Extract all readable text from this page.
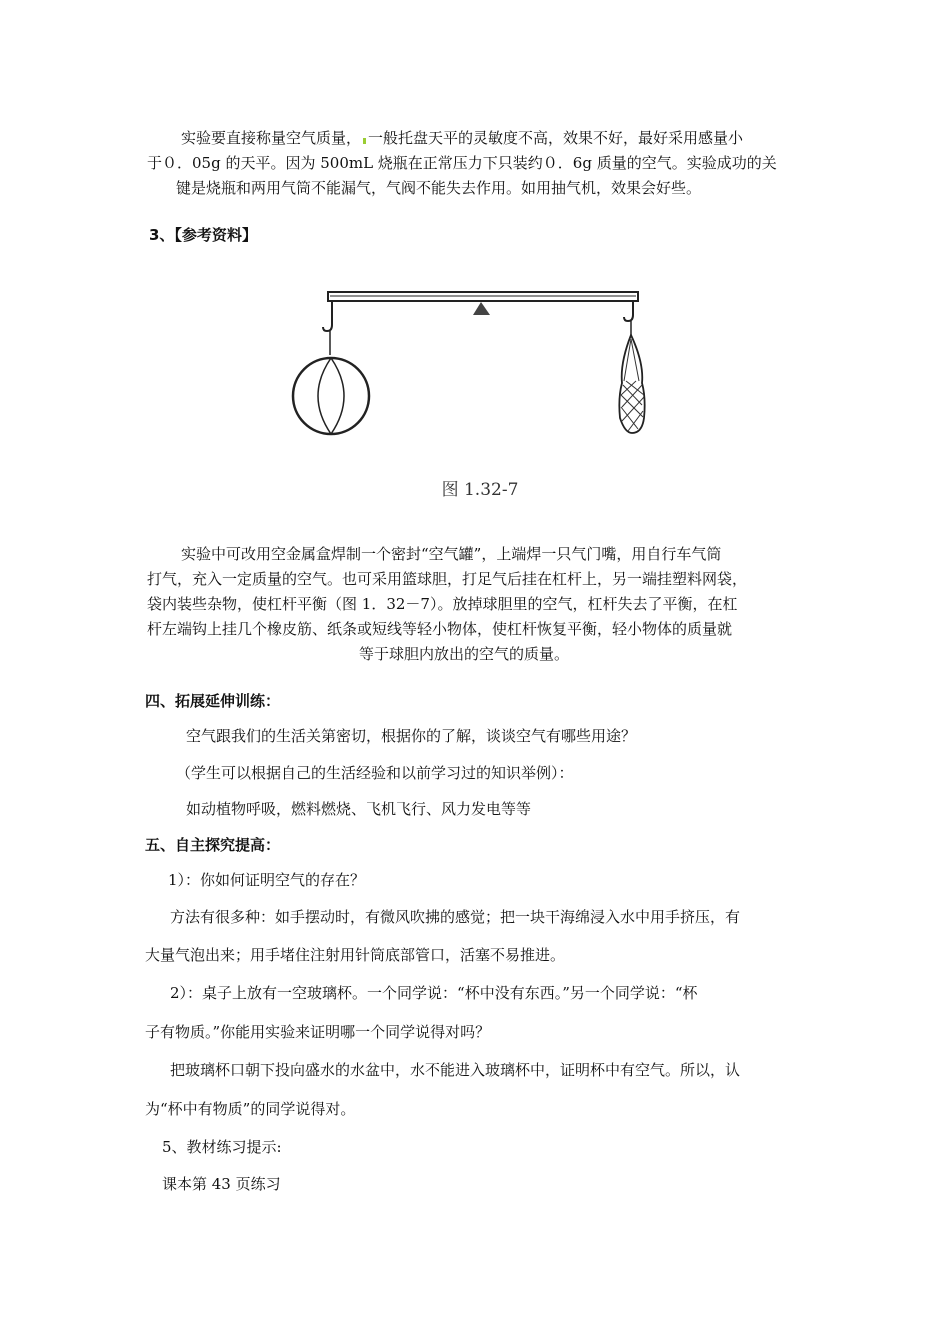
实验要直接称量空气质量， 一般托盘天平的灵敏度不高，效果不好，最好采用感量小
于０．05g 的天平。因为 500mL 烧瓶在正常压力下只装约０．6g 质量的空气。实验成功的关
键是烧瓶和两用气筒不能漏气，气阀不能失去作用。如用抽气机，效果会好些。
3、【参考资料】
图 1.32-7
实验中可改用空金属盒焊制一个密封“空气罐”，上端焊一只气门嘴，用自行车气筒
打气，充入一定质量的空气。也可采用篮球胆，打足气后挂在杠杆上，另一端挂塑料网袋，
袋内装些杂物，使杠杆平衡（图 1．32－7）。放掉球胆里的空气，杠杆失去了平衡，在杠
杆左端钩上挂几个橡皮筋、纸条或短线等轻小物体，使杠杆恢复平衡，轻小物体的质量就
等于球胆内放出的空气的质量。
四、拓展延伸训练：
空气跟我们的生活关第密切，根据你的了解，谈谈空气有哪些用途？
（学生可以根据自己的生活经验和以前学习过的知识举例）：
如动植物呼吸，燃料燃烧、飞机飞行、风力发电等等
五、自主探究提高：
1）：你如何证明空气的存在？
方法有很多种：如手摆动时，有微风吹拂的感觉；把一块干海绵浸入水中用手挤压，有
大量气泡出来；用手堵住注射用针筒底部管口，活塞不易推进。
2）：桌子上放有一空玻璃杯。一个同学说：“杯中没有东西。”另一个同学说：“杯
子有物质。”你能用实验来证明哪一个同学说得对吗？
把玻璃杯口朝下投向盛水的水盆中，水不能进入玻璃杯中，证明杯中有空气。所以，认
为“杯中有物质”的同学说得对。
5、教材练习提示:
课本第 43 页练习
